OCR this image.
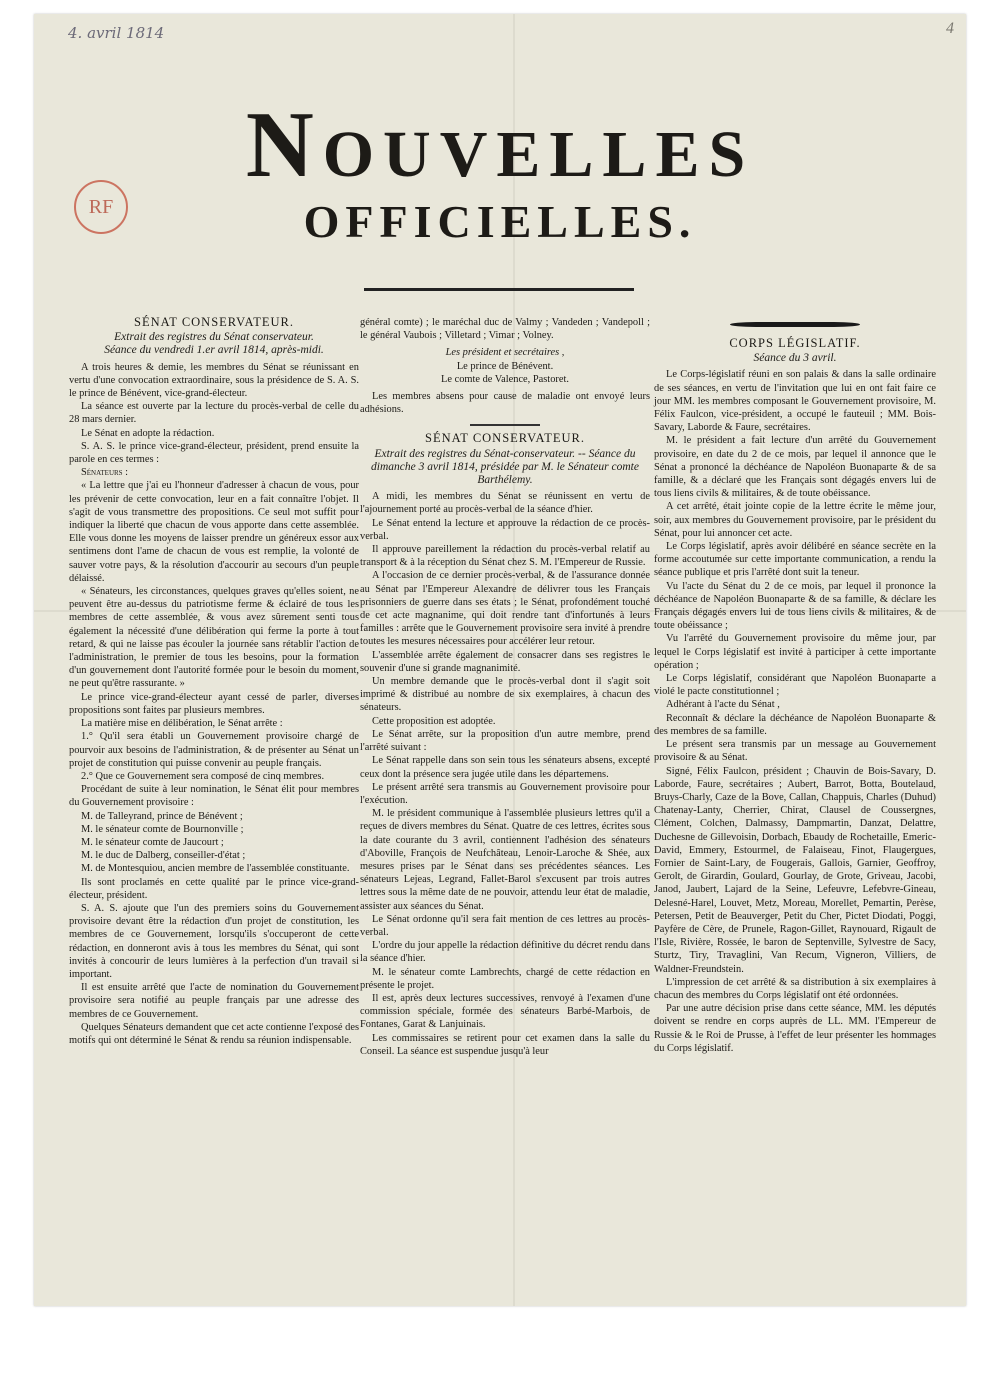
4. avril 1814	4
RF
Nouvelles
OFFICIELLES.

SÉNAT CONSERVATEUR.

Extrait des registres du Sénat conservateur.

Séance du vendredi 1.er avril 1814, après-midi.

A trois heures & demie, les membres du Sénat se réunissant en vertu d'une convocation extraordinaire, sous la présidence de S. A. S. le prince de Bénévent, vice-grand-électeur.

La séance est ouverte par la lecture du procès-verbal de celle du 28 mars dernier.

Le Sénat en adopte la rédaction.

S. A. S. le prince vice-grand-électeur, président, prend ensuite la parole en ces termes :

Sénateurs :

« La lettre que j'ai eu l'honneur d'adresser à chacun de vous, pour les prévenir de cette convocation, leur en a fait connaître l'objet. Il s'agit de vous transmettre des propositions. Ce seul mot suffit pour indiquer la liberté que chacun de vous apporte dans cette assemblée. Elle vous donne les moyens de laisser prendre un généreux essor aux sentimens dont l'ame de chacun de vous est remplie, la volonté de sauver votre pays, & la résolution d'accourir au secours d'un peuple délaissé.

« Sénateurs, les circonstances, quelques graves qu'elles soient, ne peuvent être au-dessus du patriotisme ferme & éclairé de tous les membres de cette assemblée, & vous avez sûrement senti tous également la nécessité d'une délibération qui ferme la porte à tout retard, & qui ne laisse pas écouler la journée sans rétablir l'action de l'administration, le premier de tous les besoins, pour la formation d'un gouvernement dont l'autorité formée pour le besoin du moment, ne peut qu'être rassurante. »

Le prince vice-grand-électeur ayant cessé de parler, diverses propositions sont faites par plusieurs membres.

La matière mise en délibération, le Sénat arrête :

1.° Qu'il sera établi un Gouvernement provisoire chargé de pourvoir aux besoins de l'administration, & de présenter au Sénat un projet de constitution qui puisse convenir au peuple français.

2.° Que ce Gouvernement sera composé de cinq membres.

Procédant de suite à leur nomination, le Sénat élit pour membres du Gouvernement provisoire :

M. de Talleyrand, prince de Bénévent ;

M. le sénateur comte de Bournonville ;

M. le sénateur comte de Jaucourt ;

M. le duc de Dalberg, conseiller-d'état ;

M. de Montesquiou, ancien membre de l'assemblée constituante.

Ils sont proclamés en cette qualité par le prince vice-grand-électeur, président.

S. A. S. ajoute que l'un des premiers soins du Gouvernement provisoire devant être la rédaction d'un projet de constitution, les membres de ce Gouvernement, lorsqu'ils s'occuperont de cette rédaction, en donneront avis à tous les membres du Sénat, qui sont invités à concourir de leurs lumières à la perfection d'un travail si important.

Il est ensuite arrêté que l'acte de nomination du Gouvernement provisoire sera notifié au peuple français par une adresse des membres de ce Gouvernement.

Quelques Sénateurs demandent que cet acte contienne l'exposé des motifs qui ont déterminé le Sénat & rendu sa réunion indispensable.

général comte) ; le maréchal duc de Valmy ; Vandeden ; Vandepoll ; le général Vaubois ; Villetard ; Vimar ; Volney.

Les président et secrétaires ,

Le prince de Bénévent.

Le comte de Valence, Pastoret.

Les membres absens pour cause de maladie ont envoyé leurs adhésions.

SÉNAT CONSERVATEUR.

Extrait des registres du Sénat-conservateur. -- Séance du dimanche 3 avril 1814, présidée par M. le Sénateur comte Barthélemy.

A midi, les membres du Sénat se réunissent en vertu de l'ajournement porté au procès-verbal de la séance d'hier.

Le Sénat entend la lecture et approuve la rédaction de ce procès-verbal.

Il approuve pareillement la rédaction du procès-verbal relatif au transport & à la réception du Sénat chez S. M. l'Empereur de Russie.

A l'occasion de ce dernier procès-verbal, & de l'assurance donnée au Sénat par l'Empereur Alexandre de délivrer tous les Français prisonniers de guerre dans ses états ; le Sénat, profondément touché de cet acte magnanime, qui doit rendre tant d'infortunés à leurs familles : arrête que le Gouvernement provisoire sera invité à prendre toutes les mesures nécessaires pour accélérer leur retour.

L'assemblée arrête également de consacrer dans ses registres le souvenir d'une si grande magnanimité.

Un membre demande que le procès-verbal dont il s'agit soit imprimé & distribué au nombre de six exemplaires, à chacun des sénateurs.

Cette proposition est adoptée.

Le Sénat arrête, sur la proposition d'un autre membre, prend l'arrêté suivant :

Le Sénat rappelle dans son sein tous les sénateurs absens, excepté ceux dont la présence sera jugée utile dans les départemens.

Le présent arrêté sera transmis au Gouvernement provisoire pour l'exécution.

M. le président communique à l'assemblée plusieurs lettres qu'il a reçues de divers membres du Sénat. Quatre de ces lettres, écrites sous la date courante du 3 avril, contiennent l'adhésion des sénateurs d'Aboville, François de Neufchâteau, Lenoir-Laroche & Shée, aux mesures prises par le Sénat dans ses précédentes séances. Les sénateurs Lejeas, Legrand, Fallet-Barol s'excusent par trois autres lettres sous la même date de ne pouvoir, attendu leur état de maladie, assister aux séances du Sénat.

Le Sénat ordonne qu'il sera fait mention de ces lettres au procès-verbal.

L'ordre du jour appelle la rédaction définitive du décret rendu dans la séance d'hier.

M. le sénateur comte Lambrechts, chargé de cette rédaction en présente le projet.

Il est, après deux lectures successives, renvoyé à l'examen d'une commission spéciale, formée des sénateurs Barbé-Marbois, de Fontanes, Garat & Lanjuinais.

Les commissaires se retirent pour cet examen dans la salle du Conseil. La séance est suspendue jusqu'à leur

CORPS LÉGISLATIF.

Séance du 3 avril.

Le Corps-législatif réuni en son palais & dans la salle ordinaire de ses séances, en vertu de l'invitation que lui en ont fait faire ce jour MM. les membres composant le Gouvernement provisoire, M. Félix Faulcon, vice-président, a occupé le fauteuil ; MM. Bois-Savary, Laborde & Faure, secrétaires.

M. le président a fait lecture d'un arrêté du Gouvernement provisoire, en date du 2 de ce mois, par lequel il annonce que le Sénat a prononcé la déchéance de Napoléon Buonaparte & de sa famille, & a déclaré que les Français sont dégagés envers lui de tous liens civils & militaires, & de toute obéissance.

A cet arrêté, était jointe copie de la lettre écrite le même jour, soir, aux membres du Gouvernement provisoire, par le président du Sénat, pour lui annoncer cet acte.

Le Corps législatif, après avoir délibéré en séance secrète en la forme accoutumée sur cette importante communication, a rendu la séance publique et pris l'arrêté dont suit la teneur.

Vu l'acte du Sénat du 2 de ce mois, par lequel il prononce la déchéance de Napoléon Buonaparte & de sa famille, & déclare les Français dégagés envers lui de tous liens civils & militaires, & de toute obéissance ;

Vu l'arrêté du Gouvernement provisoire du même jour, par lequel le Corps législatif est invité à participer à cette importante opération ;

Le Corps législatif, considérant que Napoléon Buonaparte a violé le pacte constitutionnel ;

Adhérant à l'acte du Sénat ,

Reconnaît & déclare la déchéance de Napoléon Buonaparte & des membres de sa famille.

Le présent sera transmis par un message au Gouvernement provisoire & au Sénat.

Signé, Félix Faulcon, président ; Chauvin de Bois-Savary, D. Laborde, Faure, secrétaires ; Aubert, Barrot, Botta, Boutelaud, Bruys-Charly, Caze de la Bove, Callan, Chappuis, Charles (Duhud) Chatenay-Lanty, Cherrier, Chirat, Clausel de Coussergnes, Clément, Colchen, Dalmassy, Dampmartin, Danzat, Delattre, Duchesne de Gillevoisin, Dorbach, Ebaudy de Rochetaille, Emeric-David, Emmery, Estourmel, de Falaiseau, Finot, Flaugergues, Fornier de Saint-Lary, de Fougerais, Gallois, Garnier, Geoffroy, Gerolt, de Girardin, Goulard, Gourlay, de Grote, Griveau, Jacobi, Janod, Jaubert, Lajard de la Seine, Lefeuvre, Lefebvre-Gineau, Delesné-Harel, Louvet, Metz, Moreau, Morellet, Pemartin, Perèse, Petersen, Petit de Beauverger, Petit du Cher, Pictet Diodati, Poggi, Payfère de Cère, de Prunele, Ragon-Gillet, Raynouard, Rigault de l'Isle, Rivière, Rossée, le baron de Septenville, Sylvestre de Sacy, Sturtz, Tiry, Travaglini, Van Recum, Vigneron, Villiers, de Waldner-Freundstein.

L'impression de cet arrêté & sa distribution à six exemplaires à chacun des membres du Corps législatif ont été ordonnées.

Par une autre décision prise dans cette séance, MM. les députés doivent se rendre en corps auprès de LL. MM. l'Empereur de Russie & le Roi de Prusse, à l'effet de leur présenter les hommages du Corps législatif.
